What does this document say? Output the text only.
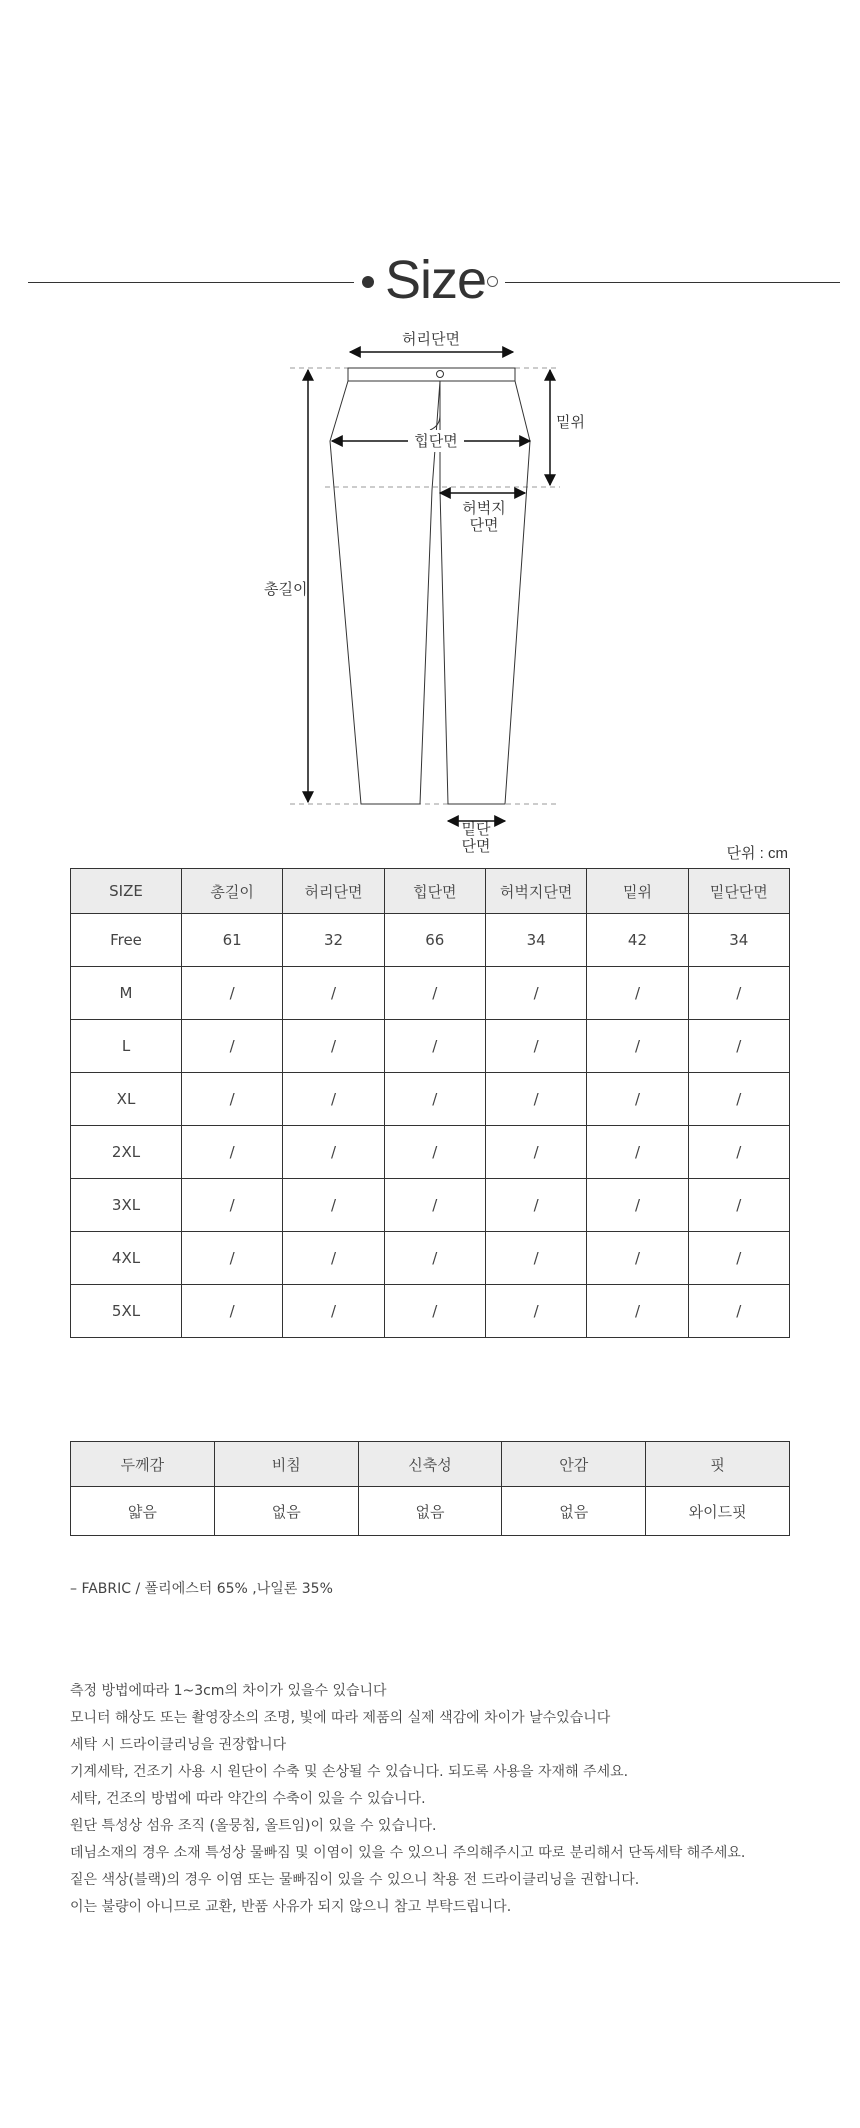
Size
허리단면
힙단면
밑위
허벅지
단면
총길이
밑단
단면	단위 : cm
SIZE	총길이	허리단면	힙단면	허벅지단면	밑위	밑단단면
Free	61	32	66	34	42	34
M	/	/	/	/	/	/
L	/	/	/	/	/	/
XL	/	/	/	/	/	/
2XL	/	/	/	/	/	/
3XL	/	/	/	/	/	/
4XL	/	/	/	/	/	/
5XL	/	/	/	/	/	/
두께감	비침	신축성	안감	핏
얇음	없음	없음	없음	와이드핏
– FABRIC / 폴리에스터 65% ,나일론 35%
측정 방법에따라 1~3cm의 차이가 있을수 있습니다
모니터 해상도 또는 촬영장소의 조명, 빛에 따라 제품의 실제 색감에 차이가 날수있습니다
세탁 시 드라이클리닝을 권장합니다
기계세탁, 건조기 사용 시 원단이 수축 및 손상될 수 있습니다. 되도록 사용을 자재해 주세요.
세탁, 건조의 방법에 따라 약간의 수축이 있을 수 있습니다.
원단 특성상 섬유 조직 (올뭉침, 올트임)이 있을 수 있습니다.
데님소재의 경우 소재 특성상 물빠짐 및 이염이 있을 수 있으니 주의해주시고 따로 분리해서 단독세탁 해주세요.
짙은 색상(블랙)의 경우 이염 또는 물빠짐이 있을 수 있으니 착용 전 드라이클리닝을 권합니다.
이는 불량이 아니므로 교환, 반품 사유가 되지 않으니 참고 부탁드립니다.
